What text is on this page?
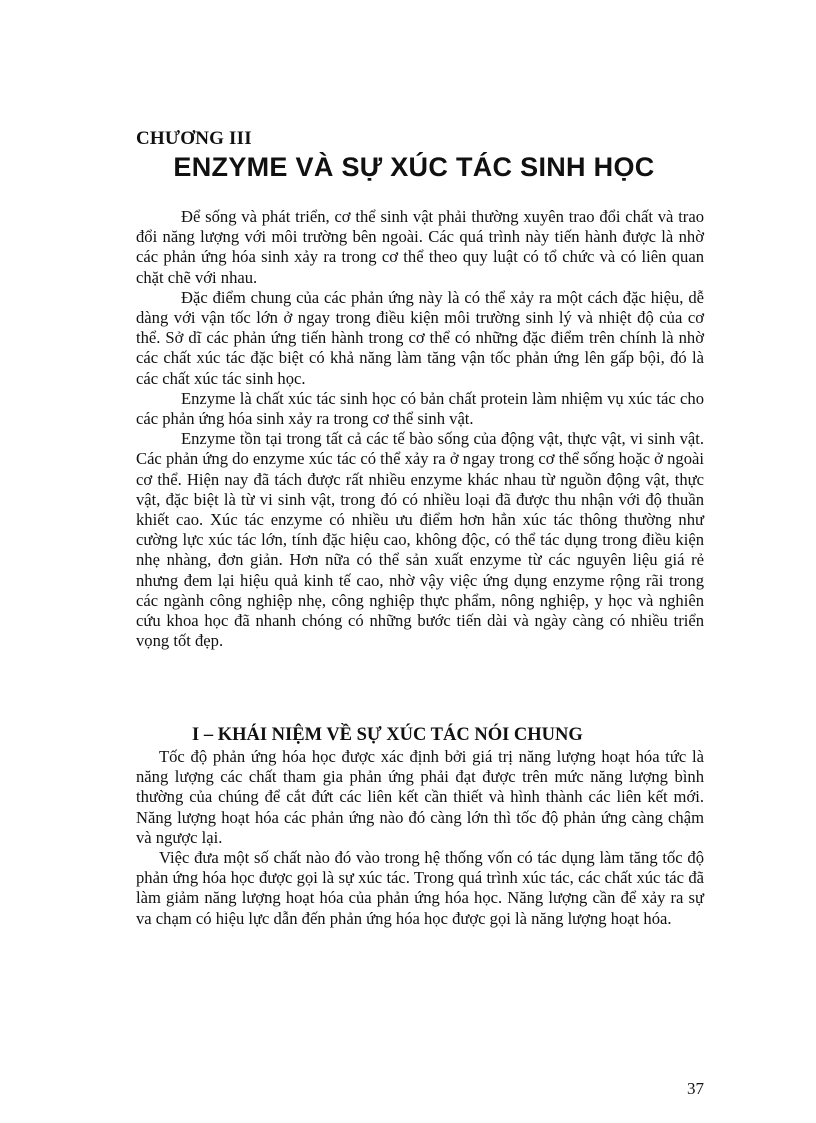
CHƯƠNG III
ENZYME VÀ SỰ XÚC TÁC SINH HỌC

Để sống và phát triển, cơ thể sinh vật phải thường xuyên trao đổi chất và trao đổi năng lượng với môi trường bên ngoài. Các quá trình này tiến hành được là nhờ các phản ứng hóa sinh xảy ra trong cơ thể theo quy luật có tổ chức và có liên quan chặt chẽ với nhau.

Đặc điểm chung của các phản ứng này là có thể xảy ra một cách đặc hiệu, dễ dàng với vận tốc lớn ở ngay trong điều kiện môi trường sinh lý và nhiệt độ của cơ thể. Sở dĩ các phản ứng tiến hành trong cơ thể có những đặc điểm trên chính là nhờ các chất xúc tác đặc biệt có khả năng làm tăng vận tốc phản ứng lên gấp bội, đó là các chất xúc tác sinh học.

Enzyme là chất xúc tác sinh học có bản chất protein làm nhiệm vụ xúc tác cho các phản ứng hóa sinh xảy ra trong cơ thể sinh vật.

Enzyme tồn tại trong tất cả các tế bào sống của động vật, thực vật, vi sinh vật. Các phản ứng do enzyme xúc tác có thể xảy ra ở ngay trong cơ thể sống hoặc ở ngoài cơ thể. Hiện nay đã tách được rất nhiều enzyme khác nhau từ nguồn động vật, thực vật, đặc biệt là từ vi sinh vật, trong đó có nhiều loại đã được thu nhận với độ thuần khiết cao. Xúc tác enzyme có nhiều ưu điểm hơn hẳn xúc tác thông thường như cường lực xúc tác lớn, tính đặc hiệu cao, không độc, có thể tác dụng trong điều kiện nhẹ nhàng, đơn giản. Hơn nữa có thể sản xuất enzyme từ các nguyên liệu giá rẻ nhưng đem lại hiệu quả kinh tế cao, nhờ vậy việc ứng dụng enzyme rộng rãi trong các ngành công nghiệp nhẹ, công nghiệp thực phẩm, nông nghiệp, y học và nghiên cứu khoa học đã nhanh chóng có những bước tiến dài và ngày càng có nhiều triển vọng tốt đẹp.

I – KHÁI NIỆM VỀ SỰ XÚC TÁC NÓI CHUNG

Tốc độ phản ứng hóa học được xác định bởi giá trị năng lượng hoạt hóa tức là năng lượng các chất tham gia phản ứng phải đạt được trên mức năng lượng bình thường của chúng để cắt đứt các liên kết cần thiết và hình thành các liên kết mới. Năng lượng hoạt hóa các phản ứng nào đó càng lớn thì tốc độ phản ứng càng chậm và ngược lại.

Việc đưa một số chất nào đó vào trong hệ thống vốn có tác dụng làm tăng tốc độ phản ứng hóa học được gọi là sự xúc tác. Trong quá trình xúc tác, các chất xúc tác đã làm giảm năng lượng hoạt hóa của phản ứng hóa học. Năng lượng cần để xảy ra sự va chạm có hiệu lực dẫn đến phản ứng hóa học được gọi là năng lượng hoạt hóa.

37
